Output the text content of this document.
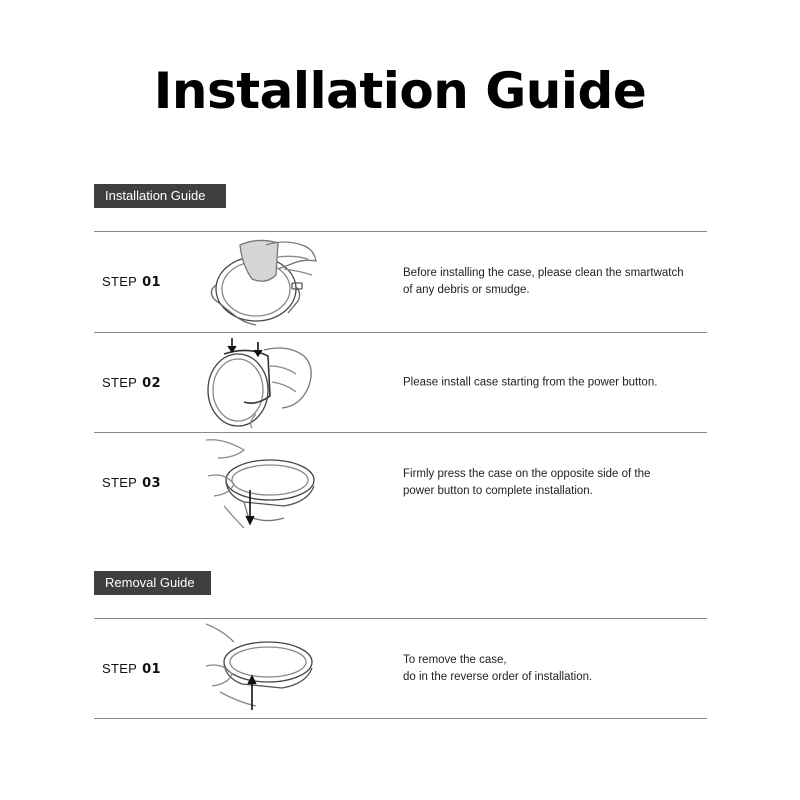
Installation Guide
Installation Guide
STEP 01
Before installing the case, please clean the smartwatch
of any debris or smudge.
STEP 02	Please install case starting from the power button.
STEP 03
Firmly press the case on the opposite side of the
power button to complete installation.
Removal Guide
STEP 01
To remove the case,
do in the reverse order of installation.
